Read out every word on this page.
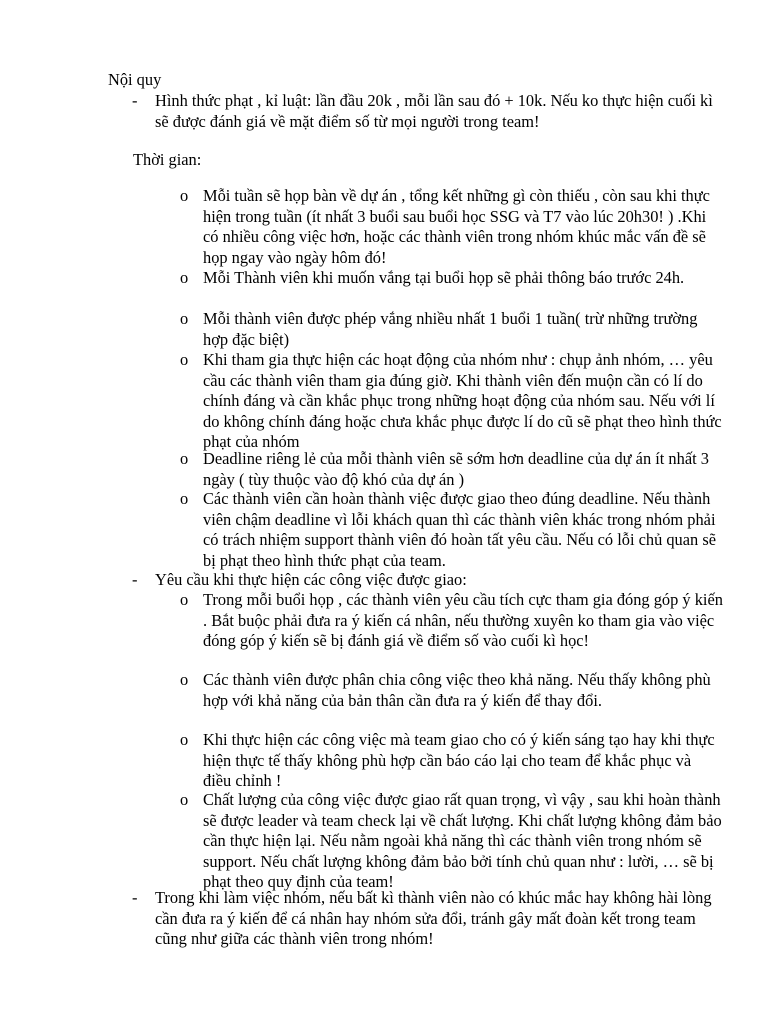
Nội quy
- Hình thức phạt , kỉ luật: lần đầu 20k , mỗi lần sau đó + 10k. Nếu ko thực hiện cuối kì sẽ được đánh giá về mặt điểm số từ mọi người trong team!
Thời gian:
o Mỗi tuần sẽ họp bàn về dự án , tổng kết những gì còn thiếu , còn sau khi thực hiện trong tuần (ít nhất 3 buổi sau buổi học SSG và T7 vào lúc 20h30! ) .Khi có nhiều công việc hơn, hoặc các thành viên trong nhóm khúc mắc vấn đề sẽ họp ngay vào ngày hôm đó!
o Mỗi Thành viên khi muốn vắng tại buổi họp sẽ phải thông báo trước 24h.
o Mỗi thành viên được phép vắng nhiều nhất 1 buổi 1 tuần( trừ những trường hợp đặc biệt)
o Khi tham gia thực hiện các hoạt động của nhóm như : chụp ảnh nhóm, … yêu cầu các thành viên tham gia đúng giờ. Khi thành viên đến muộn cần có lí do chính đáng và cần khắc phục trong những hoạt động của nhóm sau. Nếu với lí do không chính đáng hoặc chưa khắc phục được lí do cũ sẽ phạt theo hình thức phạt của nhóm
o Deadline riêng lẻ của mỗi thành viên sẽ sớm hơn deadline của dự án ít nhất 3 ngày ( tùy thuộc vào độ khó của dự án )
o Các thành viên cần hoàn thành việc được giao theo đúng deadline. Nếu thành viên chậm deadline vì lỗi khách quan thì các thành viên khác trong nhóm phải có trách nhiệm support thành viên đó hoàn tất yêu cầu. Nếu có lỗi chủ quan sẽ bị phạt theo hình thức phạt của team.
- Yêu cầu khi thực hiện các công việc được giao:
o Trong mỗi buổi họp , các thành viên yêu cầu tích cực tham gia đóng góp ý kiến . Bắt buộc phải đưa ra ý kiến cá nhân, nếu thường xuyên ko tham gia vào việc đóng góp ý kiến sẽ bị đánh giá về điểm số vào cuối kì học!
o Các thành viên được phân chia công việc theo khả năng. Nếu thấy không phù hợp với khả năng của bản thân cần đưa ra ý kiến để thay đổi.
o Khi thực hiện các công việc mà team giao cho có ý kiến sáng tạo hay khi thực hiện thực tế thấy không phù hợp cần báo cáo lại cho team để khắc phục và điều chỉnh !
o Chất lượng của công việc được giao rất quan trọng, vì vậy , sau khi hoàn thành sẽ được leader và team check lại về chất lượng. Khi chất lượng không đảm bảo cần thực hiện lại. Nếu nằm ngoài khả năng thì các thành viên trong nhóm sẽ support. Nếu chất lượng không đảm bảo bởi tính chủ quan như : lười, … sẽ bị phạt theo quy định của team!
- Trong khi làm việc nhóm, nếu bất kì thành viên nào có khúc mắc hay không hài lòng cần đưa ra ý kiến để cá nhân hay nhóm sửa đổi, tránh gây mất đoàn kết trong team cũng như giữa các thành viên trong nhóm!
